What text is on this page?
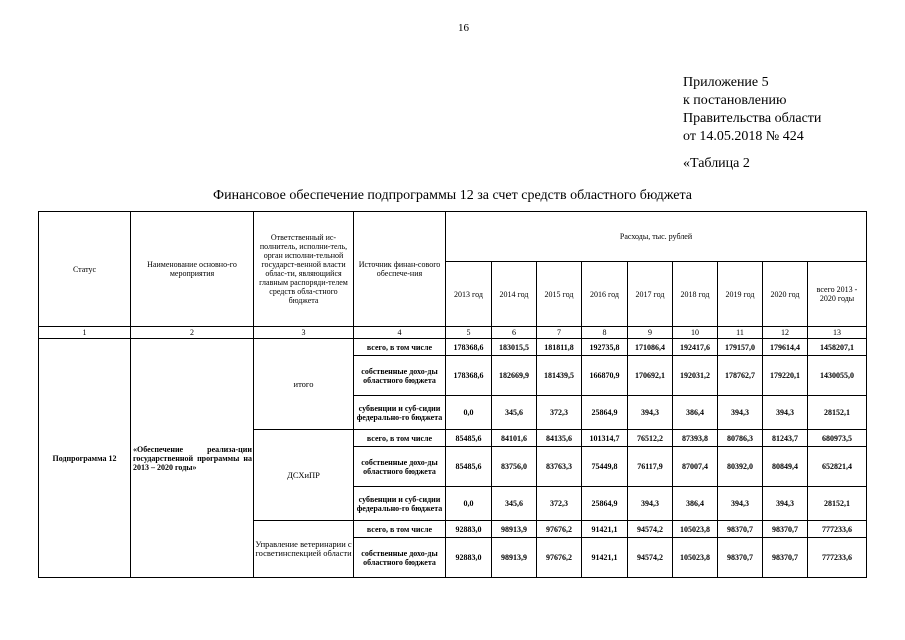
16
Приложение 5
к постановлению
Правительства области
от 14.05.2018 № 424
«Таблица 2
Финансовое обеспечение подпрограммы 12 за счет средств областного бюджета
Статус	Наименование основно-го мероприятия	Ответственный ис-полнитель, исполни-тель, орган исполни-тельной государст-венной власти облас-ти, являющийся главным распоряди-телем средств обла-стного бюджета	Источник финан-сового обеспече-ния	Расходы, тыс. рублей								
				2013 год	2014 год	2015 год	2016 год	2017 год	2018 год	2019 год	2020 год	всего 2013 - 2020 годы
1	2	3	4	5	6	7	8	9	10	11	12	13
Подпрограмма 12	«Обеспечение реализа-ции государственной программы на 2013 – 2020 годы»	итого	всего, в том числе	178368,6	183015,5	181811,8	192735,8	171086,4	192417,6	179157,0	179614,4	1458207,1
			собственные дохо-ды областного бюджета	178368,6	182669,9	181439,5	166870,9	170692,1	192031,2	178762,7	179220,1	1430055,0
			субвенции и суб-сидии федерально-го бюджета	0,0	345,6	372,3	25864,9	394,3	386,4	394,3	394,3	28152,1
		ДСХиПР	всего, в том числе	85485,6	84101,6	84135,6	101314,7	76512,2	87393,8	80786,3	81243,7	680973,5
			собственные дохо-ды областного бюджета	85485,6	83756,0	83763,3	75449,8	76117,9	87007,4	80392,0	80849,4	652821,4
			субвенции и суб-сидии федерально-го бюджета	0,0	345,6	372,3	25864,9	394,3	386,4	394,3	394,3	28152,1
		Управление ветеринарии с госветинспекцией области	всего, в том числе	92883,0	98913,9	97676,2	91421,1	94574,2	105023,8	98370,7	98370,7	777233,6
			собственные дохо-ды областного бюджета	92883,0	98913,9	97676,2	91421,1	94574,2	105023,8	98370,7	98370,7	777233,6
